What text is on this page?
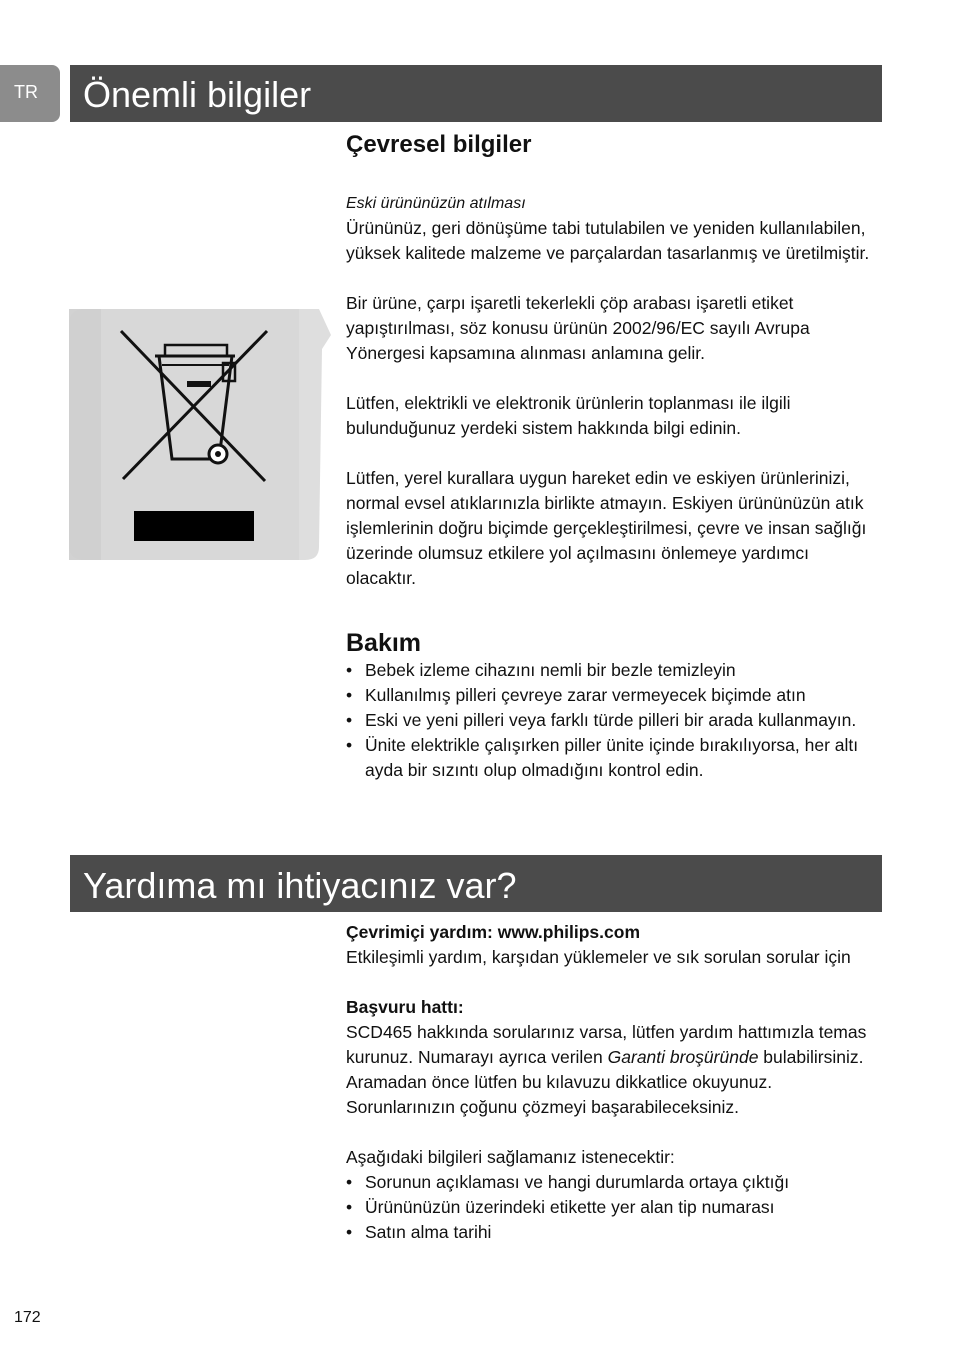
TR Önemli bilgiler

Çevresel bilgiler

Eski ürününüzün atılması

Ürününüz, geri dönüşüme tabi tutulabilen ve yeniden kullanılabilen, yüksek kalitede malzeme ve parçalardan tasarlanmış ve üretilmiştir.

Bir ürüne, çarpı işaretli tekerlekli çöp arabası işaretli etiket yapıştırılması, söz konusu ürünün 2002/96/EC sayılı Avrupa Yönergesi kapsamına alınması anlamına gelir.

Lütfen, elektrikli ve elektronik ürünlerin toplanması ile ilgili bulunduğunuz yerdeki sistem hakkında bilgi edinin.

Lütfen, yerel kurallara uygun hareket edin ve eskiyen ürünlerinizi, normal evsel atıklarınızla birlikte atmayın. Eskiyen ürününüzün atık işlemlerinin doğru biçimde gerçekleştirilmesi, çevre ve insan sağlığı üzerinde olumsuz etkilere yol açılmasını önlemeye yardımcı olacaktır.

Bakım

• Bebek izleme cihazını nemli bir bezle temizleyin
• Kullanılmış pilleri çevreye zarar vermeyecek biçimde atın
• Eski ve yeni pilleri veya farklı türde pilleri bir arada kullanmayın.
• Ünite elektrikle çalışırken piller ünite içinde bırakılıyorsa, her altı ayda bir sızıntı olup olmadığını kontrol edin.
Yardıma mı ihtiyacınız var?

Çevrimiçi yardım: www.philips.com

Etkileşimli yardım, karşıdan yüklemeler ve sık sorulan sorular için

Başvuru hattı:

SCD465 hakkında sorularınız varsa, lütfen yardım hattımızla temas kurunuz. Numarayı ayrıca verilen Garanti broşüründe bulabilirsiniz.

Aramadan önce lütfen bu kılavuzu dikkatlice okuyunuz. Sorunlarınızın çoğunu çözmeyi başarabileceksiniz.

Aşağıdaki bilgileri sağlamanız istenecektir:

• Sorunun açıklaması ve hangi durumlarda ortaya çıktığı
• Ürününüzün üzerindeki etikette yer alan tip numarası
• Satın alma tarihi
172
